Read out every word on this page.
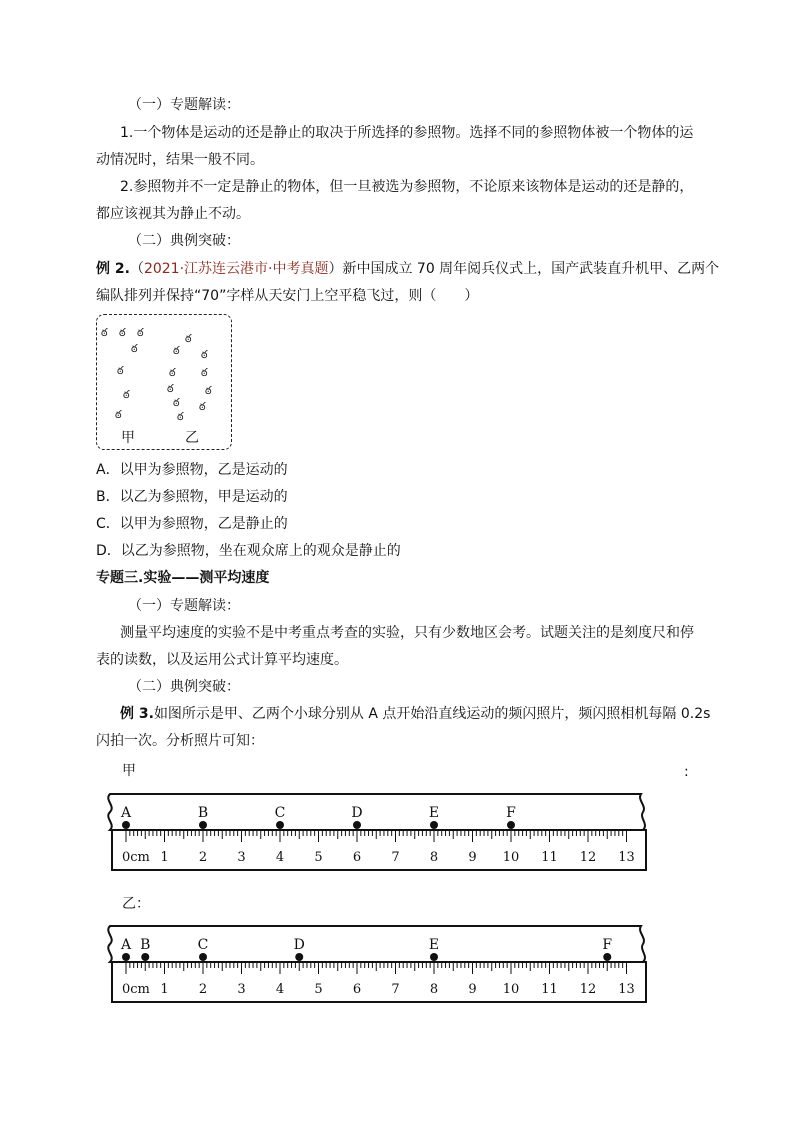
（一）专题解读：
1.一个物体是运动的还是静止的取决于所选择的参照物。选择不同的参照物体被一个物体的运
动情况时，结果一般不同。
2.参照物并不一定是静止的物体，但一旦被选为参照物，不论原来该物体是运动的还是静的，
都应该视其为静止不动。
（二）典例突破：
例 2.（2021·江苏连云港市·中考真题）新中国成立 70 周年阅兵仪式上，国产武装直升机甲、乙两个
编队排列并保持“70”字样从天安门上空平稳飞过，则（　　）
ఠ ఠ ఠ
ఠ
ఠ
ఠ
ఠ
ఠ
ఠ ఠ
ఠ ఠ
ఠ	ఠ
ఠ ఠ
ఠ
甲	乙
A．以甲为参照物，乙是运动的
B．以乙为参照物，甲是运动的
C．以甲为参照物，乙是静止的
D．以乙为参照物，坐在观众席上的观众是静止的
专题三.实验——测平均速度
（一）专题解读：
测量平均速度的实验不是中考重点考查的实验，只有少数地区会考。试题关注的是刻度尺和停
表的读数，以及运用公式计算平均速度。
（二）典例突破：
例 3.如图所示是甲、乙两个小球分别从 A 点开始沿直线运动的频闪照片，频闪照相机每隔 0.2s
闪拍一次。分析照片可知：
甲	:
乙：
0cm 1 2 3 4 5 6 7 8 9 10 11 12 13
A	B	C	D	E	F
0cm 1 2 3 4 5 6 7 8 9 10 11 12 13
A B	C	D	E	F
